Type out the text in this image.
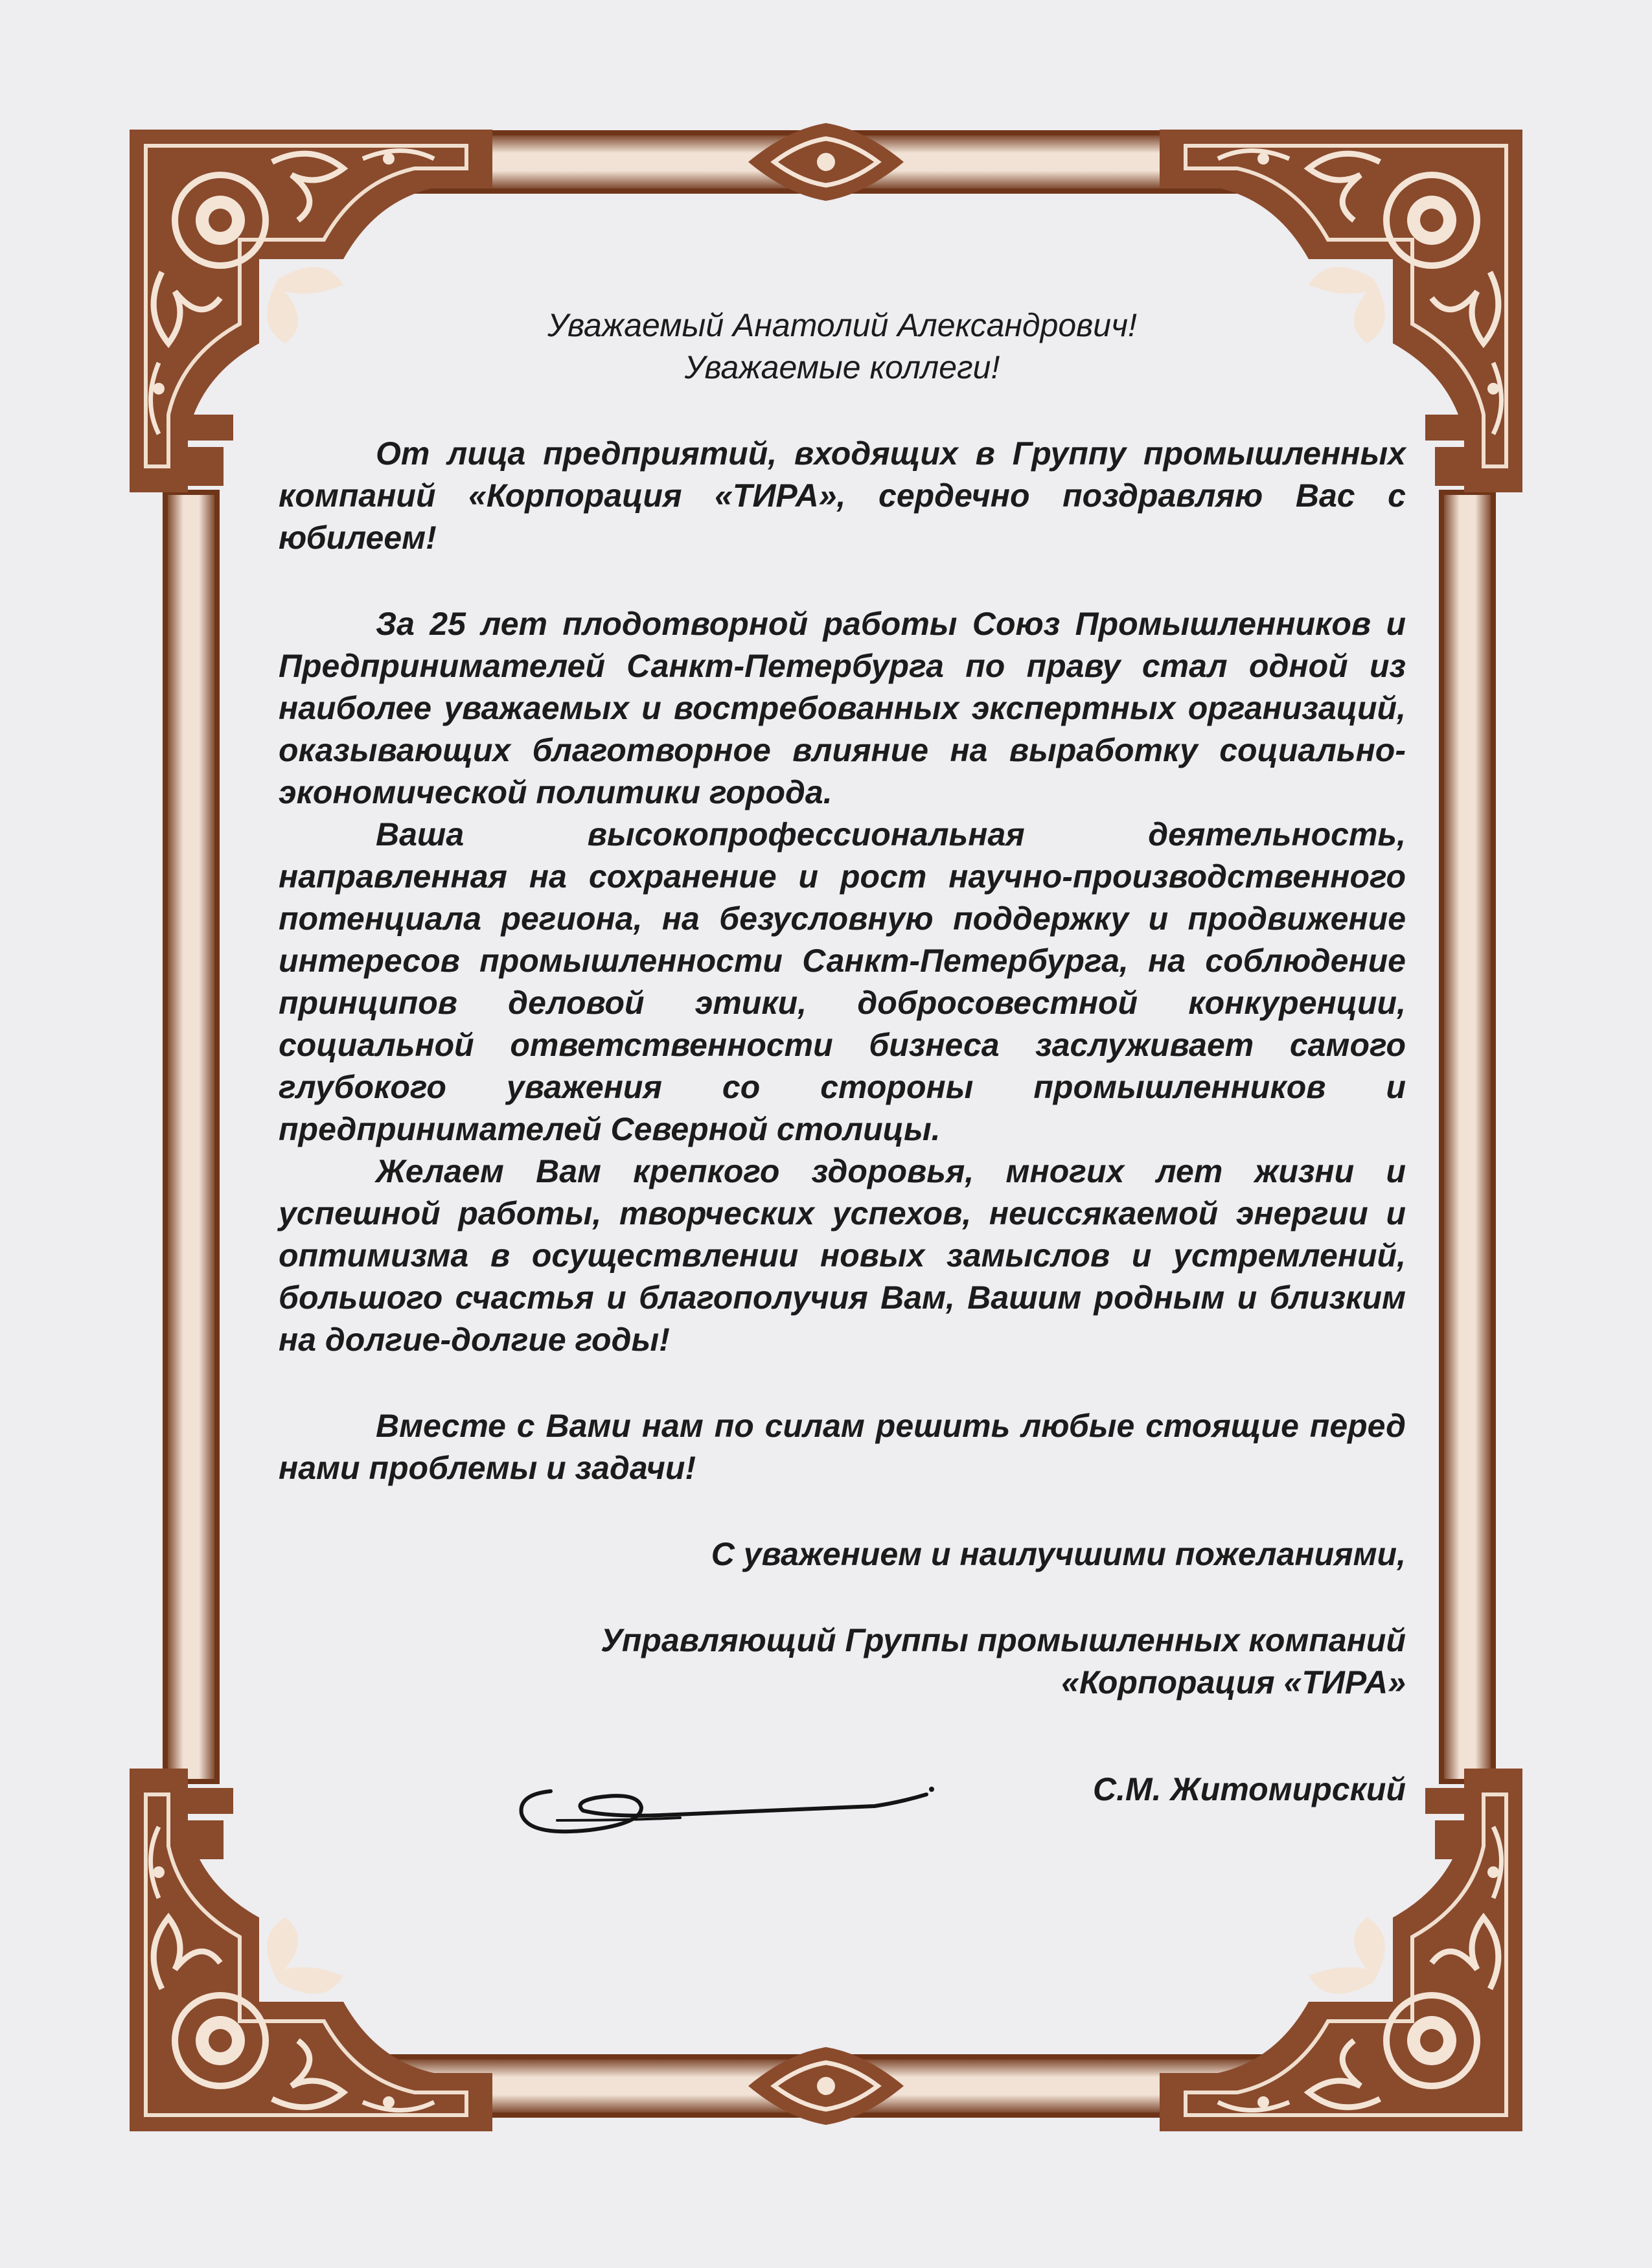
Уважаемый Анатолий Александрович!

Уважаемые коллеги!

От лица предприятий, входящих в Группу промышленных компаний «Корпорация «ТИРА», сердечно поздравляю Вас с юбилеем!

За 25 лет плодотворной работы Союз Промышленников и Предпринимателей Санкт-Петербурга по праву стал одной из наиболее уважаемых и востребованных экспертных организаций, оказывающих благотворное влияние на выработку социально-экономической политики города.

Ваша высокопрофессиональная деятельность, направленная на сохранение и рост научно-производственного потенциала региона, на безусловную поддержку и продвижение интересов промышленности Санкт-Петербурга, на соблюдение принципов деловой этики, добросовестной конкуренции, социальной ответственности бизнеса заслуживает самого глубокого уважения со стороны промышленников и предпринимателей Северной столицы.

Желаем Вам крепкого здоровья, многих лет жизни и успешной работы, творческих успехов, неиссякаемой энергии и оптимизма в осуществлении новых замыслов и устремлений, большого счастья и благополучия Вам, Вашим родным и близким на долгие-долгие годы!

Вместе с Вами нам по силам решить любые стоящие перед нами проблемы и задачи!

С уважением и наилучшими пожеланиями,

Управляющий Группы промышленных компаний

«Корпорация «ТИРА»

С.М. Житомирский
